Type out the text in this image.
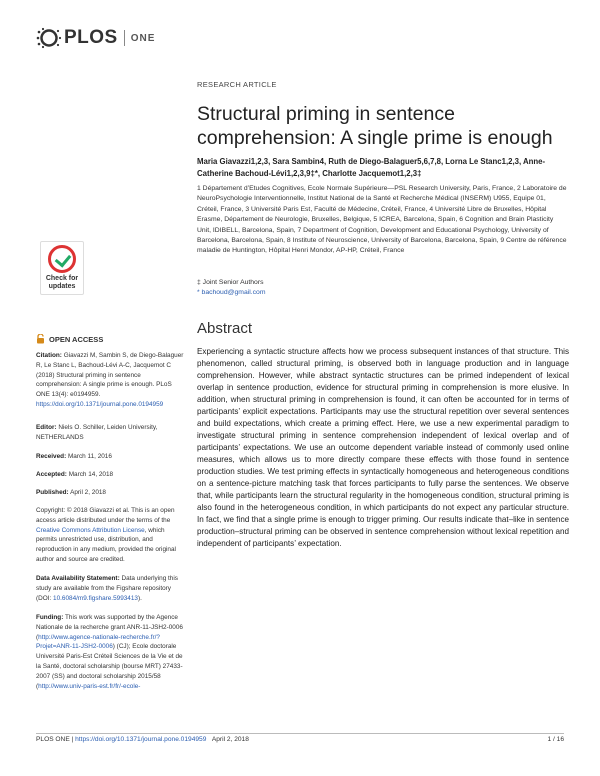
PLOS ONE
Check for updates
OPEN ACCESS
Citation: Giavazzi M, Sambin S, de Diego-Balaguer R, Le Stanc L, Bachoud-Lévi A-C, Jacquemot C (2018) Structural priming in sentence comprehension: A single prime is enough. PLoS ONE 13(4): e0194959. https://doi.org/10.1371/journal.pone.0194959
Editor: Niels O. Schiller, Leiden University, NETHERLANDS
Received: March 11, 2016
Accepted: March 14, 2018
Published: April 2, 2018
Copyright: © 2018 Giavazzi et al. This is an open access article distributed under the terms of the Creative Commons Attribution License, which permits unrestricted use, distribution, and reproduction in any medium, provided the original author and source are credited.
Data Availability Statement: Data underlying this study are available from the Figshare repository (DOI: 10.6084/m9.figshare.5993413).
Funding: This work was supported by the Agence Nationale de la recherche grant ANR-11-JSH2-0006 (http://www.agence-nationale-recherche.fr/?Projet=ANR-11-JSH2-0006) (CJ); Ecole doctorale Université Paris-Est Créteil Sciences de la Vie et de la Santé, doctoral scholarship (bourse MRT) 27433-2007 (SS) and doctoral scholarship 2015/58 (http://www.univ-paris-est.fr/fr/-ecole-
RESEARCH ARTICLE
Structural priming in sentence comprehension: A single prime is enough
Maria Giavazzi1,2,3, Sara Sambin4, Ruth de Diego-Balaguer5,6,7,8, Lorna Le Stanc1,2,3, Anne-Catherine Bachoud-Lévi1,2,3,9‡*, Charlotte Jacquemot1,2,3‡
1 Département d’Etudes Cognitives, Ecole Normale Supérieure—PSL Research University, Paris, France, 2 Laboratoire de NeuroPsychologie Interventionnelle, Institut National de la Santé et Recherche Médical (INSERM) U955, Equipe 01, Créteil, France, 3 Université Paris Est, Faculté de Médecine, Créteil, France, 4 Université Libre de Bruxelles, Hôpital Erasme, Département de Neurologie, Bruxelles, Belgique, 5 ICREA, Barcelona, Spain, 6 Cognition and Brain Plasticity Unit, IDIBELL, Barcelona, Spain, 7 Department of Cognition, Development and Educational Psychology, University of Barcelona, Barcelona, Spain, 8 Institute of Neuroscience, University of Barcelona, Barcelona, Spain, 9 Centre de référence maladie de Huntington, Hôpital Henri Mondor, AP-HP, Créteil, France
‡ Joint Senior Authors
* bachoud@gmail.com
Abstract
Experiencing a syntactic structure affects how we process subsequent instances of that structure. This phenomenon, called structural priming, is observed both in language production and in language comprehension. However, while abstract syntactic structures can be primed independent of lexical overlap in sentence production, evidence for structural priming in comprehension is more elusive. In addition, when structural priming in comprehension is found, it can often be accounted for in terms of participants’ explicit expectations. Participants may use the structural repetition over several sentences and build expectations, which create a priming effect. Here, we use a new experimental paradigm to investigate structural priming in sentence comprehension independent of lexical overlap and of participants’ expectations. We use an outcome dependent variable instead of commonly used online measures, which allows us to more directly compare these effects with those found in sentence production studies. We test priming effects in syntactically homogeneous and heterogeneous conditions on a sentence-picture matching task that forces participants to fully parse the sentences. We observe that, while participants learn the structural regularity in the homogeneous condition, structural priming is also found in the heterogeneous condition, in which participants do not expect any particular structure. In fact, we find that a single prime is enough to trigger priming. Our results indicate that–like in sentence production–structural priming can be observed in sentence comprehension without lexical repetition and independent of participants’ expectation.
PLOS ONE | https://doi.org/10.1371/journal.pone.0194959 April 2, 2018	1 / 16
